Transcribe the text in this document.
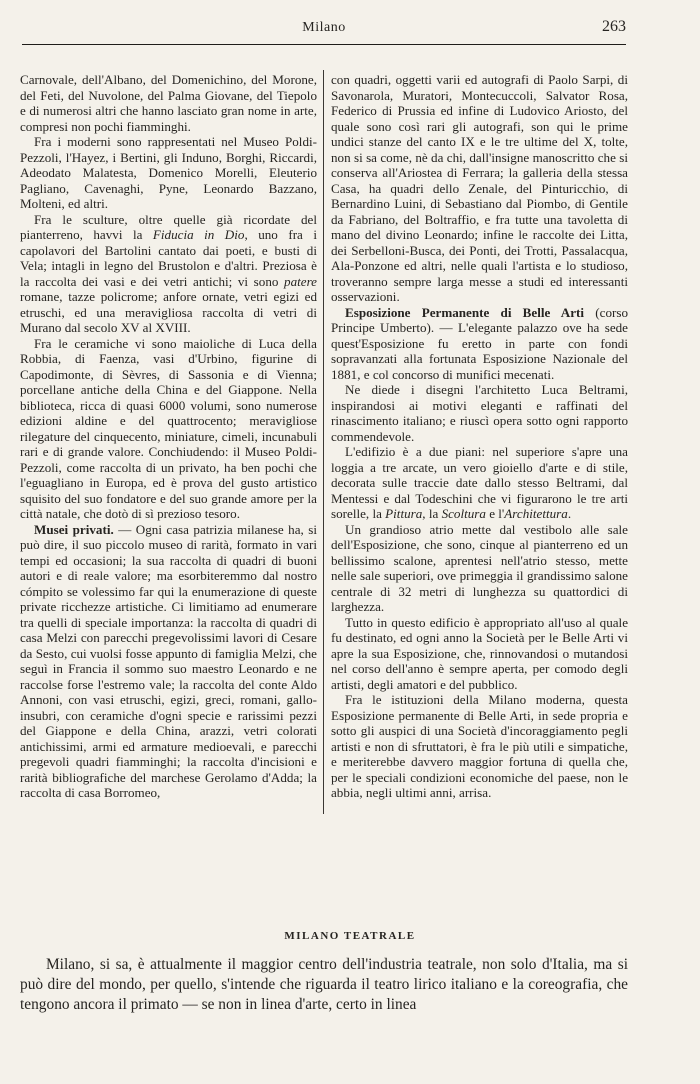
Milano	263

Carnovale, dell'Albano, del Domenichino, del Morone, del Feti, del Nuvolone, del Palma Giovane, del Tiepolo e di numerosi altri che hanno lasciato gran nome in arte, compresi non pochi fiamminghi.

Fra i moderni sono rappresentati nel Museo Poldi-Pezzoli, l'Hayez, i Bertini, gli Induno, Borghi, Riccardi, Adeodato Malatesta, Domenico Morelli, Eleuterio Pagliano, Cavenaghi, Pyne, Leonardo Bazzano, Molteni, ed altri.

Fra le sculture, oltre quelle già ricordate del pianterreno, havvi la Fiducia in Dio, uno fra i capolavori del Bartolini cantato dai poeti, e busti di Vela; intagli in legno del Brustolon e d'altri. Preziosa è la raccolta dei vasi e dei vetri antichi; vi sono patere romane, tazze policrome; anfore ornate, vetri egizi ed etruschi, ed una meravigliosa raccolta di vetri di Murano dal secolo XV al XVIII.

Fra le ceramiche vi sono maioliche di Luca della Robbia, di Faenza, vasi d'Urbino, figurine di Capodimonte, di Sèvres, di Sassonia e di Vienna; porcellane antiche della China e del Giappone. Nella biblioteca, ricca di quasi 6000 volumi, sono numerose edizioni aldine e del quattrocento; meravigliose rilegature del cinquecento, miniature, cimeli, incunabuli rari e di grande valore. Conchiudendo: il Museo Poldi-Pezzoli, come raccolta di un privato, ha ben pochi che l'eguagliano in Europa, ed è prova del gusto artistico squisito del suo fondatore e del suo grande amore per la città natale, che dotò di sì prezioso tesoro.

Musei privati. — Ogni casa patrizia milanese ha, si può dire, il suo piccolo museo di rarità, formato in vari tempi ed occasioni; la sua raccolta di quadri di buoni autori e di reale valore; ma esorbiteremmo dal nostro cómpito se volessimo far qui la enumerazione di queste private ricchezze artistiche. Ci limitiamo ad enumerare tra quelli di speciale importanza: la raccolta di quadri di casa Melzi con parecchi pregevolissimi lavori di Cesare da Sesto, cui vuolsi fosse appunto di famiglia Melzi, che seguì in Francia il sommo suo maestro Leonardo e ne raccolse forse l'estremo vale; la raccolta del conte Aldo Annoni, con vasi etruschi, egizi, greci, romani, gallo-insubri, con ceramiche d'ogni specie e rarissimi pezzi del Giappone e della China, arazzi, vetri colorati antichissimi, armi ed armature medioevali, e parecchi pregevoli quadri fiamminghi; la raccolta d'incisioni e rarità bibliografiche del marchese Gerolamo d'Adda; la raccolta di casa Borromeo,

con quadri, oggetti varii ed autografi di Paolo Sarpi, di Savonarola, Muratori, Montecuccoli, Salvator Rosa, Federico di Prussia ed infine di Ludovico Ariosto, del quale sono così rari gli autografi, son qui le prime undici stanze del canto IX e le tre ultime del X, tolte, non si sa come, nè da chi, dall'insigne manoscritto che si conserva all'Ariostea di Ferrara; la galleria della stessa Casa, ha quadri dello Zenale, del Pinturicchio, di Bernardino Luini, di Sebastiano dal Piombo, di Gentile da Fabriano, del Boltraffio, e fra tutte una tavoletta di mano del divino Leonardo; infine le raccolte dei Litta, dei Serbelloni-Busca, dei Ponti, dei Trotti, Passalacqua, Ala-Ponzone ed altri, nelle quali l'artista e lo studioso, troveranno sempre larga messe a studi ed interessanti osservazioni.

Esposizione Permanente di Belle Arti (corso Principe Umberto). — L'elegante palazzo ove ha sede quest'Esposizione fu eretto in parte con fondi sopravanzati alla fortunata Esposizione Nazionale del 1881, e col concorso di munifici mecenati.

Ne diede i disegni l'architetto Luca Beltrami, inspirandosi ai motivi eleganti e raffinati del rinascimento italiano; e riuscì opera sotto ogni rapporto commendevole.

L'edifizio è a due piani: nel superiore s'apre una loggia a tre arcate, un vero gioiello d'arte e di stile, decorata sulle traccie date dallo stesso Beltrami, dal Mentessi e dal Todeschini che vi figurarono le tre arti sorelle, la Pittura, la Scoltura e l'Architettura.

Un grandioso atrio mette dal vestibolo alle sale dell'Esposizione, che sono, cinque al pianterreno ed un bellissimo scalone, aprentesi nell'atrio stesso, mette nelle sale superiori, ove primeggia il grandissimo salone centrale di 32 metri di lunghezza su quattordici di larghezza.

Tutto in questo edificio è appropriato all'uso al quale fu destinato, ed ogni anno la Società per le Belle Arti vi apre la sua Esposizione, che, rinnovandosi o mutandosi nel corso dell'anno è sempre aperta, per comodo degli artisti, degli amatori e del pubblico.

Fra le istituzioni della Milano moderna, questa Esposizione permanente di Belle Arti, in sede propria e sotto gli auspici di una Società d'incoraggiamento pegli artisti e non di sfruttatori, è fra le più utili e simpatiche, e meriterebbe davvero maggior fortuna di quella che, per le speciali condizioni economiche del paese, non le abbia, negli ultimi anni, arrisa.

MILANO TEATRALE

Milano, si sa, è attualmente il maggior centro dell'industria teatrale, non solo d'Italia, ma si può dire del mondo, per quello, s'intende che riguarda il teatro lirico italiano e la coreografia, che tengono ancora il primato — se non in linea d'arte, certo in linea
